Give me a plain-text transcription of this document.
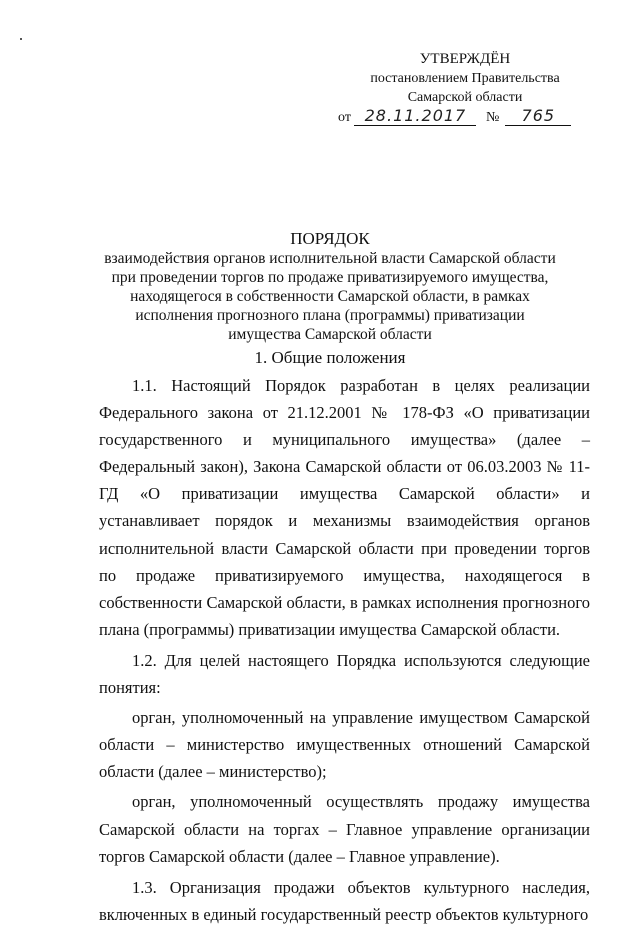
УТВЕРЖДЁН
постановлением Правительства
Самарской области
от 28.11.2017 № 765
ПОРЯДОК
взаимодействия органов исполнительной власти Самарской области при проведении торгов по продаже приватизируемого имущества, находящегося в собственности Самарской области, в рамках исполнения прогнозного плана (программы) приватизации имущества Самарской области
1. Общие положения

1.1. Настоящий Порядок разработан в целях реализации Федерального закона от 21.12.2001 № 178-ФЗ «О приватизации государственного и муниципального имущества» (далее – Федеральный закон), Закона Самарской области от 06.03.2003 № 11-ГД «О приватизации имущества Самарской области» и устанавливает порядок и механизмы взаимодействия органов исполнительной власти Самарской области при проведении торгов по продаже приватизируемого имущества, находящегося в собственности Самарской области, в рамках исполнения прогнозного плана (программы) приватизации имущества Самарской области.

1.2. Для целей настоящего Порядка используются следующие понятия:

орган, уполномоченный на управление имуществом Самарской области – министерство имущественных отношений Самарской области (далее – министерство);

орган, уполномоченный осуществлять продажу имущества Самарской области на торгах – Главное управление организации торгов Самарской области (далее – Главное управление).

1.3. Организация продажи объектов культурного наследия, включенных в единый государственный реестр объектов культурного
